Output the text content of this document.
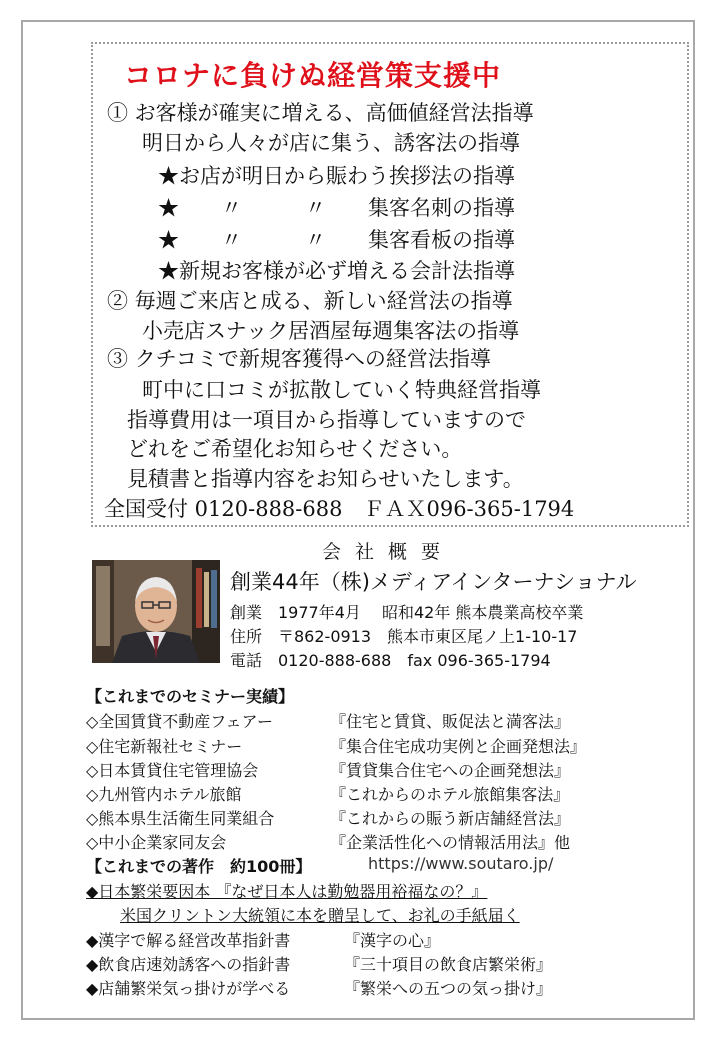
コロナに負けぬ経営策支援中
① お客様が確実に増える、高価値経営法指導
明日から人々が店に集う、誘客法の指導
★お店が明日から賑わう挨拶法の指導
★　　〃　　　〃　　集客名刺の指導
★　　〃　　　〃　　集客看板の指導
★新規お客様が必ず増える会計法指導
② 毎週ご来店と成る、新しい経営法の指導
小売店スナック居酒屋毎週集客法の指導
③ クチコミで新規客獲得への経営法指導
町中に口コミが拡散していく特典経営指導
指導費用は一項目から指導していますので
どれをご希望化お知らせください。
見積書と指導内容をお知らせいたします。
全国受付 0120-888-688　ＦＡＸ096-365-1794
会社概要
創業44年（株)メディアインターナショナル
創業　1977年4月　 昭和42年 熊本農業高校卒業
住所　〒862-0913　熊本市東区尾ノ上1-10-17
電話　0120-888-688　fax 096-365-1794
【これまでのセミナー実績】
◇全国賃貸不動産フェアー	『住宅と賃貸、販促法と満客法』
◇住宅新報社セミナー	『集合住宅成功実例と企画発想法』
◇日本賃貸住宅管理協会	『賃貸集合住宅への企画発想法』
◇九州管内ホテル旅館	『これからのホテル旅館集客法』
◇熊本県生活衛生同業組合	『これからの賑う新店舗経営法』
◇中小企業家同友会	『企業活性化への情報活用法』他
【これまでの著作　約100冊】	https://www.soutaro.jp/
◆日本繁栄要因本 『なぜ日本人は勤勉器用裕福なの？』
米国クリントン大統領に本を贈呈して、お礼の手紙届く
◆漢字で解る経営改革指針書	『漢字の心』
◆飲食店速効誘客への指針書	『三十項目の飲食店繁栄術』
◆店舗繁栄気っ掛けが学べる	『繁栄への五つの気っ掛け』
